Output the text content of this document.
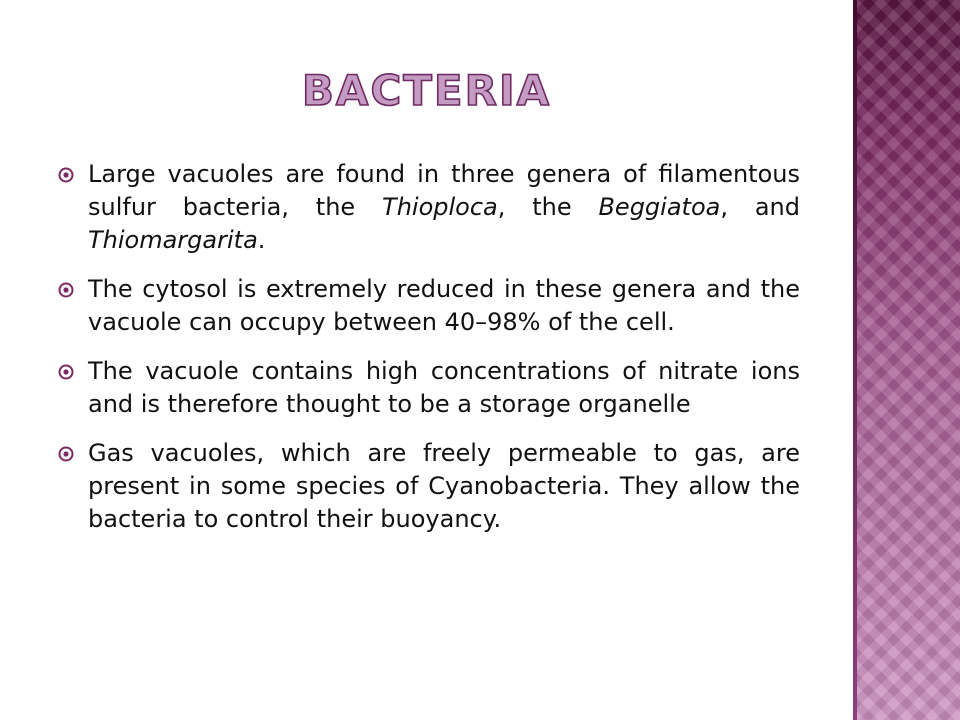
BACTERIA
Large vacuoles are found in three genera of filamentous sulfur bacteria, the Thioploca, the Beggiatoa, and Thiomargarita.
The cytosol is extremely reduced in these genera and the vacuole can occupy between 40–98% of the cell.
The vacuole contains high concentrations of nitrate ions and is therefore thought to be a storage organelle
Gas vacuoles, which are freely permeable to gas, are present in some species of Cyanobacteria. They allow the bacteria to control their buoyancy.
